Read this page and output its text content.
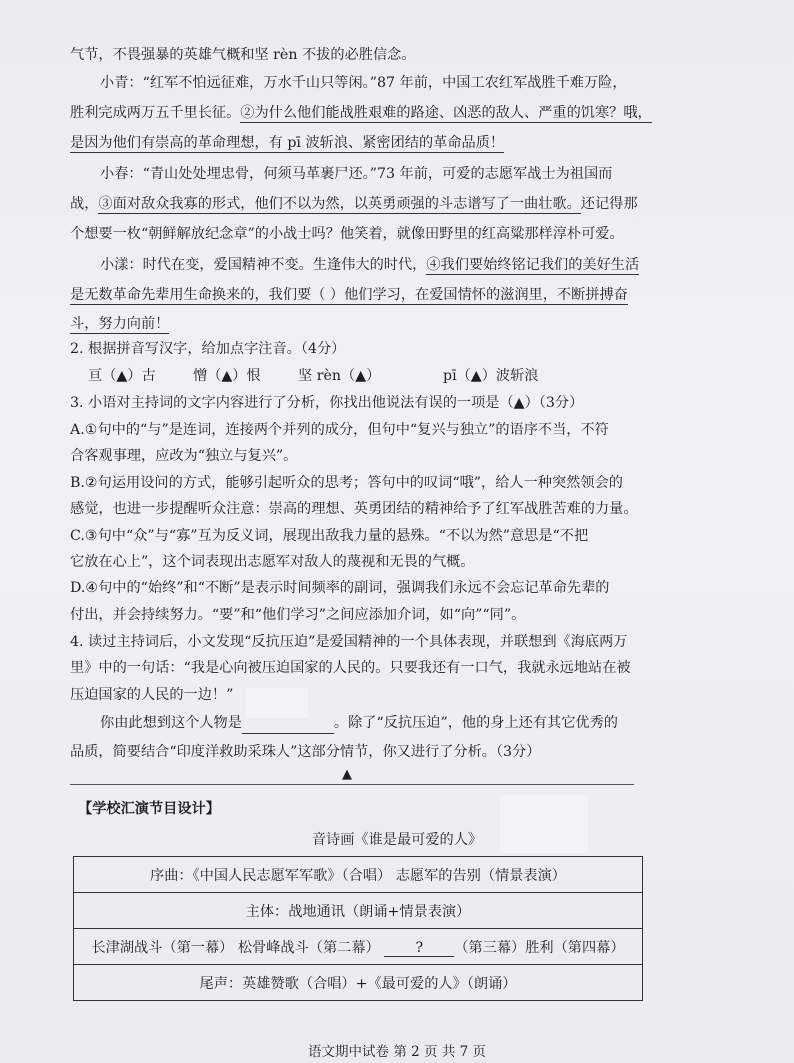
气节，不畏强暴的英雄气概和坚 rèn 不拔的必胜信念。
小青：“红军不怕远征难，万水千山只等闲。”87 年前，中国工农红军战胜千难万险，
胜利完成两万五千里长征。②为什么他们能战胜艰难的路途、凶恶的敌人、严重的饥寒？哦，
是因为他们有崇高的革命理想，有 pī 波斩浪、紧密团结的革命品质！
小春：“青山处处埋忠骨，何须马革裹尸还。”73 年前，可爱的志愿军战士为祖国而
战，③面对敌众我寡的形式，他们不以为然，以英勇顽强的斗志谱写了一曲壮歌。还记得那
个想要一枚“朝鲜解放纪念章”的小战士吗？他笑着，就像田野里的红高粱那样淳朴可爱。
小漾：时代在变，爱国精神不变。生逢伟大的时代，④我们要始终铭记我们的美好生活
是无数革命先辈用生命换来的，我们要（ ）他们学习，在爱国情怀的滋润里，不断拼搏奋
斗，努力向前！
2. 根据拼音写汉字，给加点字注音。（4分）
亘（▲）古	憎（▲）恨	坚 rèn（▲）	pī（▲）波斩浪
3. 小语对主持词的文字内容进行了分析，你找出他说法有误的一项是（▲）（3分）
A.①句中的“与”是连词，连接两个并列的成分，但句中“复兴与独立”的语序不当，不符
合客观事理，应改为“独立与复兴”。
B.②句运用设问的方式，能够引起听众的思考；答句中的叹词“哦”，给人一种突然领会的
感觉，也进一步提醒听众注意：崇高的理想、英勇团结的精神给予了红军战胜苦难的力量。
C.③句中“众”与“寡”互为反义词，展现出敌我力量的悬殊。“不以为然”意思是“不把
它放在心上”，这个词表现出志愿军对敌人的蔑视和无畏的气概。
D.④句中的“始终”和“不断”是表示时间频率的副词，强调我们永远不会忘记革命先辈的
付出，并会持续努力。“要”和“他们学习”之间应添加介词，如“向”“同”。
4. 读过主持词后，小文发现“反抗压迫”是爱国精神的一个具体表现，并联想到《海底两万
里》中的一句话：“我是心向被压迫国家的人民的。只要我还有一口气，我就永远地站在被
压迫国家的人民的一边！”
你由此想到这个人物是	。除了“反抗压迫”，他的身上还有其它优秀的
品质，简要结合“印度洋救助采珠人”这部分情节，你又进行了分析。（3分）
▲
【学校汇演节目设计】
音诗画《谁是最可爱的人》
序曲：《中国人民志愿军军歌》（合唱） 志愿军的告别（情景表演）
主体：战地通讯（朗诵+情景表演）
长津湖战斗（第一幕） 松骨峰战斗（第二幕）	? （第三幕）胜利（第四幕）
尾声：英雄赞歌（合唱）+《最可爱的人》（朗诵）
语文期中试卷 第 2 页 共 7 页
